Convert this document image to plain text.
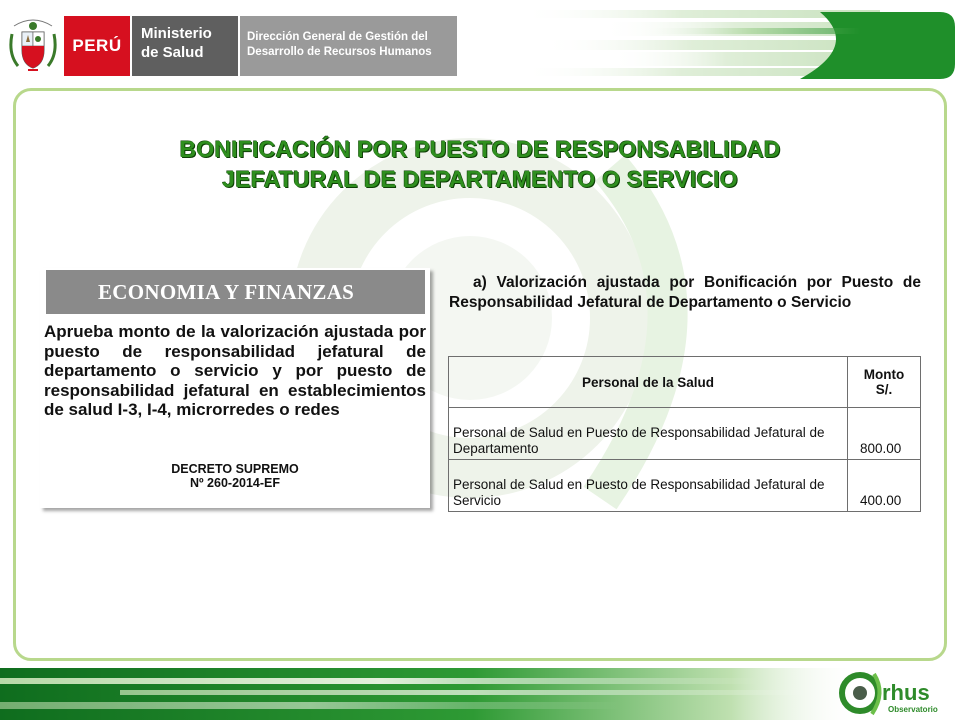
PERÚ
Ministerio
de Salud
Dirección General de Gestión del
Desarrollo de Recursos Humanos
BONIFICACIÓN POR PUESTO DE RESPONSABILIDAD
JEFATURAL DE DEPARTAMENTO O SERVICIO
ECONOMIA Y FINANZAS
Aprueba monto de la valorización ajustada por puesto de responsabilidad jefatural de departamento o servicio y por puesto de responsabilidad jefatural en establecimientos de salud I-3, I-4, microrredes o redes
DECRETO SUPREMO
Nº 260-2014-EF
a) Valorización ajustada por Bonificación por Puesto de Responsabilidad Jefatural de Departamento o Servicio
Personal de la Salud	Monto
S/.
Personal de Salud en Puesto de Responsabilidad Jefatural de Departamento	800.00
Personal de Salud en Puesto de Responsabilidad Jefatural de Servicio	400.00
rhus
Observatorio
